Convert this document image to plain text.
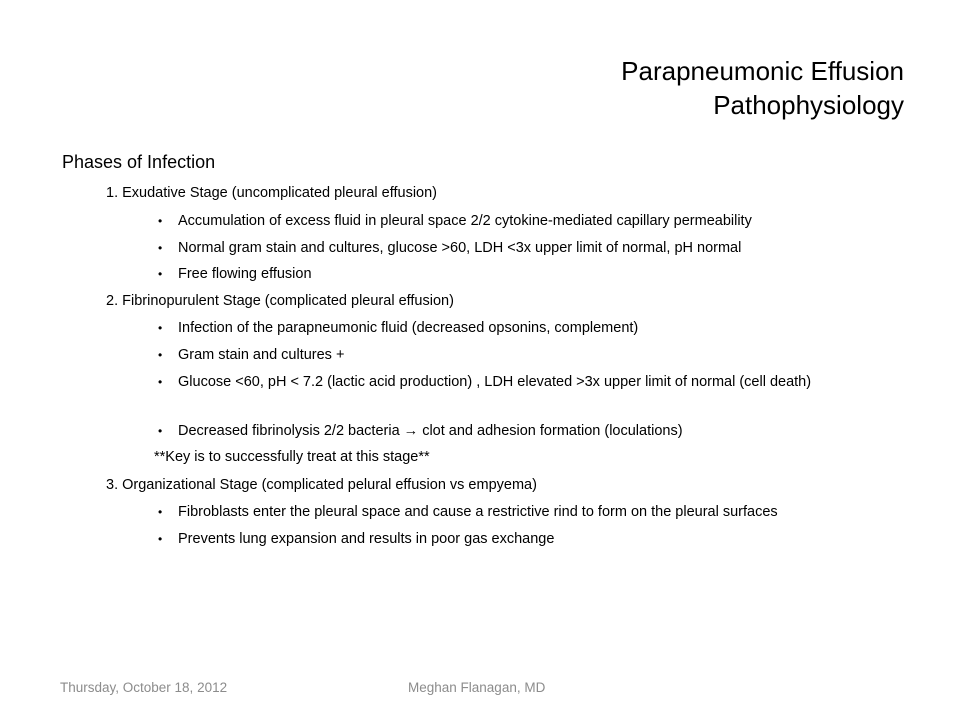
Parapneumonic Effusion
Pathophysiology
Phases of Infection
1. Exudative Stage (uncomplicated pleural effusion)
• Accumulation of excess fluid in pleural space 2/2 cytokine-mediated capillary permeability
• Normal gram stain and cultures, glucose >60, LDH <3x upper limit of normal, pH normal
• Free flowing effusion
2. Fibrinopurulent Stage (complicated pleural effusion)
• Infection of the parapneumonic fluid (decreased opsonins, complement)
• Gram stain and cultures +
• Glucose <60, pH < 7.2 (lactic acid production) , LDH elevated >3x upper limit of normal (cell death)
• Decreased fibrinolysis 2/2 bacteria → clot and adhesion formation (loculations)
**Key is to successfully treat at this stage**
3. Organizational Stage (complicated pelural effusion vs empyema)
• Fibroblasts enter the pleural space and cause a restrictive rind to form on the pleural surfaces
• Prevents lung expansion and results in poor gas exchange
Thursday, October 18, 2012	Meghan Flanagan, MD
